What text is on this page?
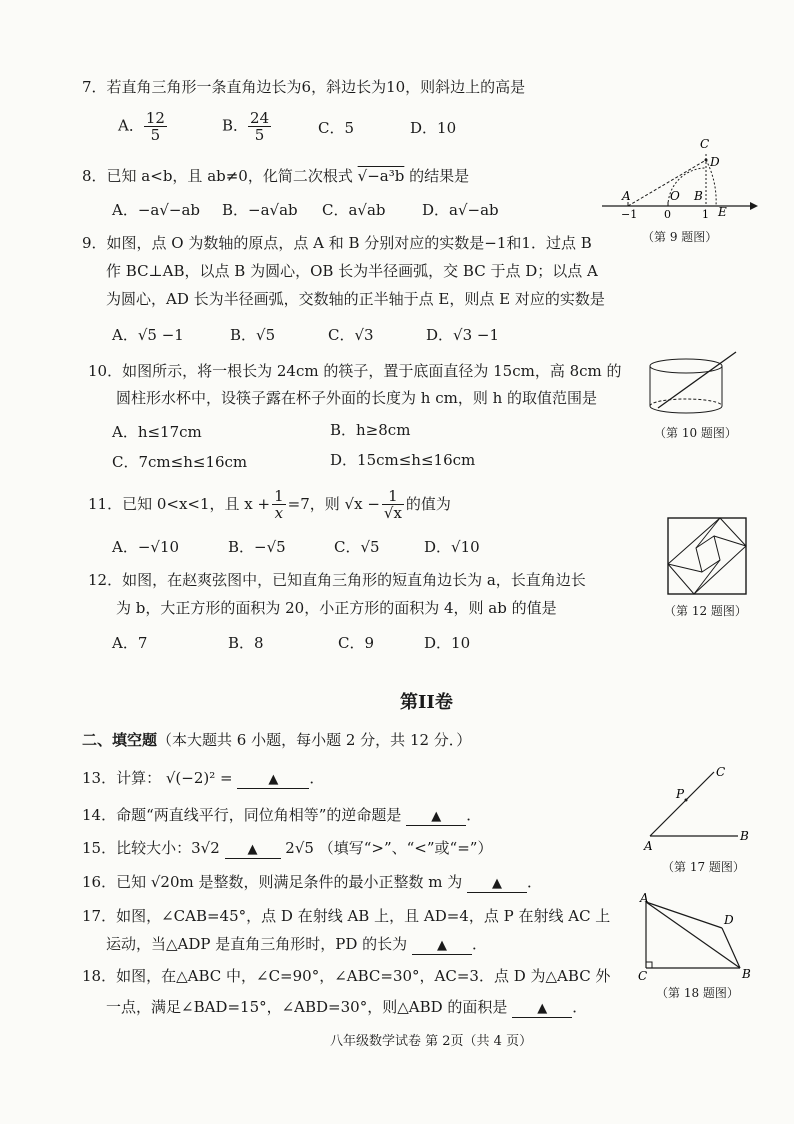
7．若直角三角形一条直角边长为6，斜边长为10，则斜边上的高是
A． $\frac{12}{5}$	B． $\frac{24}{5}$	C．5	D．10
8．已知 a<b，且 ab≠0，化简二次根式 √−a³b 的结果是
A．−a√−ab B．−a√ab C．a√ab D．a√−ab
C
D
A	O B
E
−1 0	1
（第 9 题图）
9．如图，点 O 为数轴的原点，点 A 和 B 分别对应的实数是−1和1．过点 B
作 BC⊥AB，以点 B 为圆心，OB 长为半径画弧，交 BC 于点 D；以点 A
为圆心，AD 长为半径画弧，交数轴的正半轴于点 E，则点 E 对应的实数是
A．√5 −1	B．√5	C．√3	D．√3 −1
（第 10 题图）
10．如图所示，将一根长为 24cm 的筷子，置于底面直径为 15cm，高 8cm 的
圆柱形水杯中，设筷子露在杯子外面的长度为 h cm，则 h 的取值范围是
A．h≤17cm	B．h≥8cm
C．7cm≤h≤16cm	D．15cm≤h≤16cm
11．已知 0<x<1，且 $x + \frac{1}{x} =7$，则 $√x - \frac{1}{√x}$ 的值为
A．−√10	B．−√5	C．√5	D．√10
（第 12 题图）
12．如图，在赵爽弦图中，已知直角三角形的短直角边长为 a，长直角边长
为 b，大正方形的面积为 20，小正方形的面积为 4，则 ab 的值是
A．7	B．8	C．9	D．10
第II卷
二、填空题（本大题共 6 小题，每小题 2 分，共 12 分．）
13．计算： √(−2)² =	▲ ．	C
P
A
B
（第 17 题图）
14．命题“两直线平行，同位角相等”的逆命题是 ▲ ．
15．比较大小：3√2 ▲ 2√5 （填写“>”、“<”或“=”）
16．已知 √20m 是整数，则满足条件的最小正整数 m 为 ▲ ．
17．如图，∠CAB=45°，点 D 在射线 AB 上，且 AD=4，点 P 在射线 AC 上
运动，当△ADP 是直角三角形时，PD 的长为 ▲ ．
A
D
C	B
（第 18 题图）
18．如图，在△ABC 中，∠C=90°，∠ABC=30°，AC=3．点 D 为△ABC 外
一点，满足∠BAD=15°，∠ABD=30°，则△ABD 的面积是 ▲ ．
八年级数学试卷 第 2页（共 4 页）
